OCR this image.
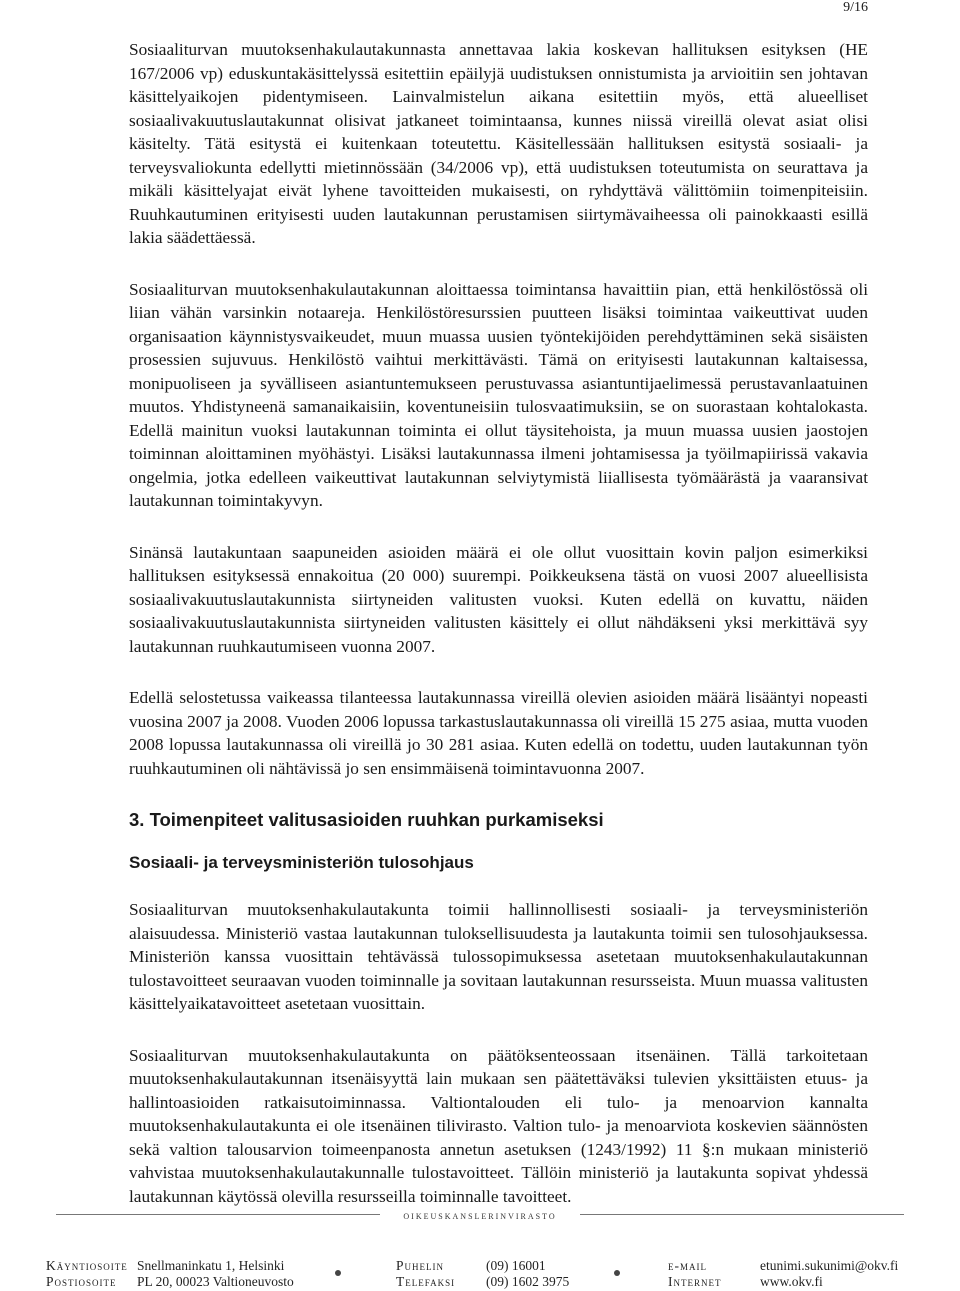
9/16

Sosiaaliturvan muutoksenhakulautakunnasta annettavaa lakia koskevan hallituksen esityksen (HE 167/2006 vp) eduskuntakäsittelyssä esitettiin epäilyjä uudistuksen onnistumista ja arvioitiin sen johtavan käsittelyaikojen pidentymiseen. Lainvalmistelun aikana esitettiin myös, että alueelliset sosiaalivakuutuslautakunnat olisivat jatkaneet toimintaansa, kunnes niissä vireillä olevat asiat olisi käsitelty. Tätä esitystä ei kuitenkaan toteutettu. Käsitellessään hallituksen esitystä sosiaali- ja terveysvaliokunta edellytti mietinnössään (34/2006 vp), että uudistuksen toteutumista on seurattava ja mikäli käsittelyajat eivät lyhene tavoitteiden mukaisesti, on ryhdyttävä välittömiin toimenpiteisiin. Ruuhkautuminen erityisesti uuden lautakunnan perustamisen siirtymävaiheessa oli painokkaasti esillä lakia säädettäessä.

Sosiaaliturvan muutoksenhakulautakunnan aloittaessa toimintansa havaittiin pian, että henkilöstössä oli liian vähän varsinkin notaareja. Henkilöstöresurssien puutteen lisäksi toimintaa vaikeuttivat uuden organisaation käynnistysvaikeudet, muun muassa uusien työntekijöiden perehdyttäminen sekä sisäisten prosessien sujuvuus. Henkilöstö vaihtui merkittävästi. Tämä on erityisesti lautakunnan kaltaisessa, monipuoliseen ja syvälliseen asiantuntemukseen perustuvassa asiantuntijaelimessä perustavanlaatuinen muutos. Yhdistyneenä samanaikaisiin, koventuneisiin tulosvaatimuksiin, se on suorastaan kohtalokasta. Edellä mainitun vuoksi lautakunnan toiminta ei ollut täysitehoista, ja muun muassa uusien jaostojen toiminnan aloittaminen myöhästyi. Lisäksi lautakunnassa ilmeni johtamisessa ja työilmapiirissä vakavia ongelmia, jotka edelleen vaikeuttivat lautakunnan selviytymistä liiallisesta työmäärästä ja vaaransivat lautakunnan toimintakyvyn.

Sinänsä lautakuntaan saapuneiden asioiden määrä ei ole ollut vuosittain kovin paljon esimerkiksi hallituksen esityksessä ennakoitua (20 000) suurempi. Poikkeuksena tästä on vuosi 2007 alueellisista sosiaalivakuutuslautakunnista siirtyneiden valitusten vuoksi. Kuten edellä on kuvattu, näiden sosiaalivakuutuslautakunnista siirtyneiden valitusten käsittely ei ollut nähdäkseni yksi merkittävä syy lautakunnan ruuhkautumiseen vuonna 2007.

Edellä selostetussa vaikeassa tilanteessa lautakunnassa vireillä olevien asioiden määrä lisääntyi nopeasti vuosina 2007 ja 2008. Vuoden 2006 lopussa tarkastuslautakunnassa oli vireillä 15 275 asiaa, mutta vuoden 2008 lopussa lautakunnassa oli vireillä jo 30 281 asiaa. Kuten edellä on todettu, uuden lautakunnan työn ruuhkautuminen oli nähtävissä jo sen ensimmäisenä toimintavuonna 2007.

3. Toimenpiteet valitusasioiden ruuhkan purkamiseksi
Sosiaali- ja terveysministeriön tulosohjaus

Sosiaaliturvan muutoksenhakulautakunta toimii hallinnollisesti sosiaali- ja terveysministeriön alaisuudessa. Ministeriö vastaa lautakunnan tuloksellisuudesta ja lautakunta toimii sen tulosohjauksessa. Ministeriön kanssa vuosittain tehtävässä tulossopimuksessa asetetaan muutoksenhakulautakunnan tulostavoitteet seuraavan vuoden toiminnalle ja sovitaan lautakunnan resursseista. Muun muassa valitusten käsittelyaikatavoitteet asetetaan vuosittain.

Sosiaaliturvan muutoksenhakulautakunta on päätöksenteossaan itsenäinen. Tällä tarkoitetaan muutoksenhakulautakunnan itsenäisyyttä lain mukaan sen päätettäväksi tulevien yksittäisten etuus- ja hallintoasioiden ratkaisutoiminnassa. Valtiontalouden eli tulo- ja menoarvion kannalta muutoksenhakulautakunta ei ole itsenäinen tilivirasto. Valtion tulo- ja menoarviota koskevien säännösten sekä valtion talousarvion toimeenpanosta annetun asetuksen (1243/1992) 11 §:n mukaan ministeriö vahvistaa muutoksenhakulautakunnalle tulostavoitteet. Tällöin ministeriö ja lautakunta sopivat yhdessä lautakunnan käytössä olevilla resursseilla toiminnalle tavoitteet.

oikeuskanslerinvirasto
Käyntiosoite Snellmaninkatu 1, Helsinki	Puhelin	(09) 16001	e-mail	etunimi.sukunimi@okv.fi
Postiosoite PL 20, 00023 Valtioneuvosto	Telefaksi (09) 1602 3975	Internet	www.okv.fi
